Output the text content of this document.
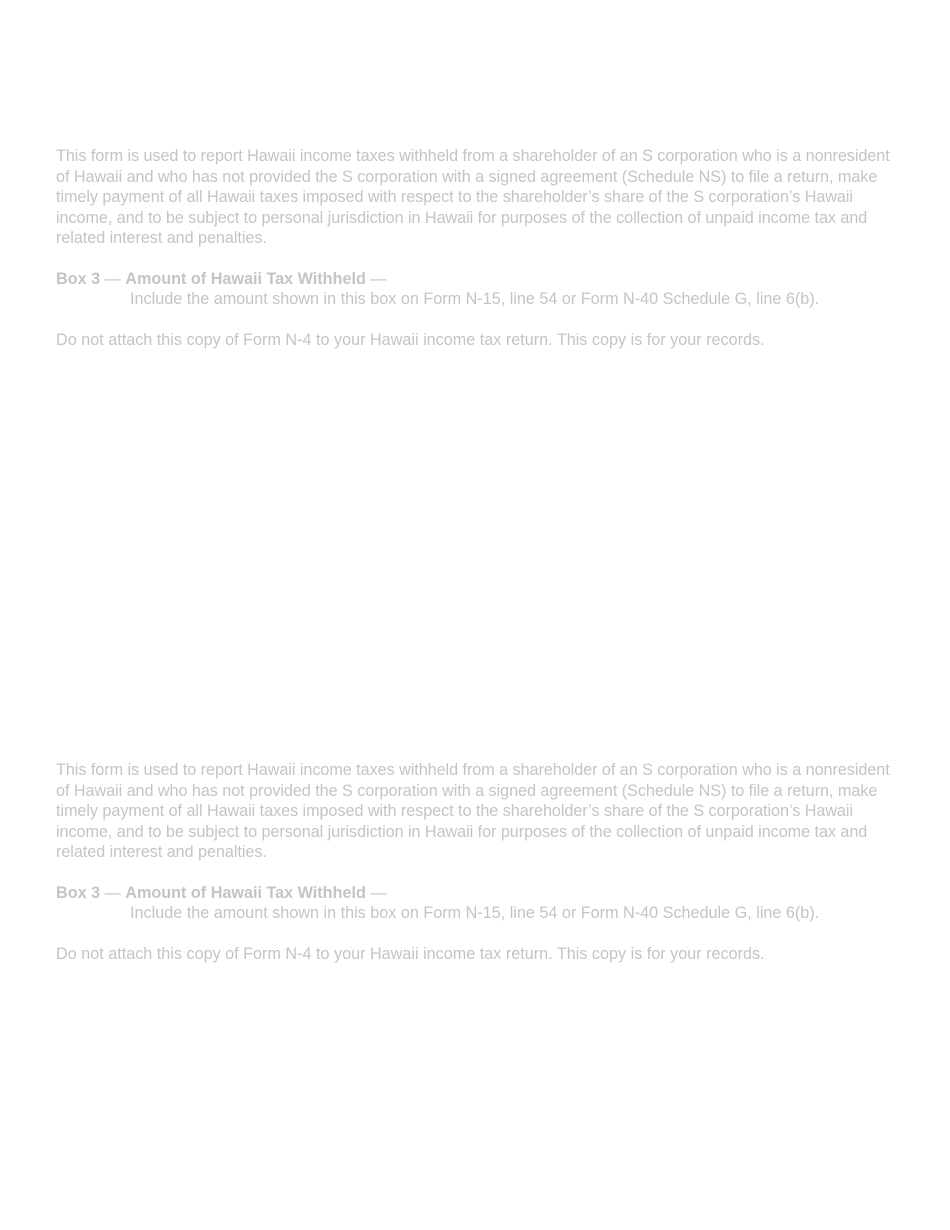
This form is used to report Hawaii income taxes withheld from a shareholder of an S corporation who is a nonresident of Hawaii and who has not provided the S corporation with a signed agreement (Schedule NS) to file a return, make timely payment of all Hawaii taxes imposed with respect to the shareholder’s share of the S corporation’s Hawaii income, and to be subject to personal jurisdiction in Hawaii for purposes of the collection of unpaid income tax and related interest and penalties.

Box 3 — Amount of Hawaii Tax Withheld —

Include the amount shown in this box on Form N-15, line 54 or Form N-40 Schedule G, line 6(b).

Do not attach this copy of Form N-4 to your Hawaii income tax return. This copy is for your records.

This form is used to report Hawaii income taxes withheld from a shareholder of an S corporation who is a nonresident of Hawaii and who has not provided the S corporation with a signed agreement (Schedule NS) to file a return, make timely payment of all Hawaii taxes imposed with respect to the shareholder’s share of the S corporation’s Hawaii income, and to be subject to personal jurisdiction in Hawaii for purposes of the collection of unpaid income tax and related interest and penalties.

Box 3 — Amount of Hawaii Tax Withheld —

Include the amount shown in this box on Form N-15, line 54 or Form N-40 Schedule G, line 6(b).

Do not attach this copy of Form N-4 to your Hawaii income tax return. This copy is for your records.
